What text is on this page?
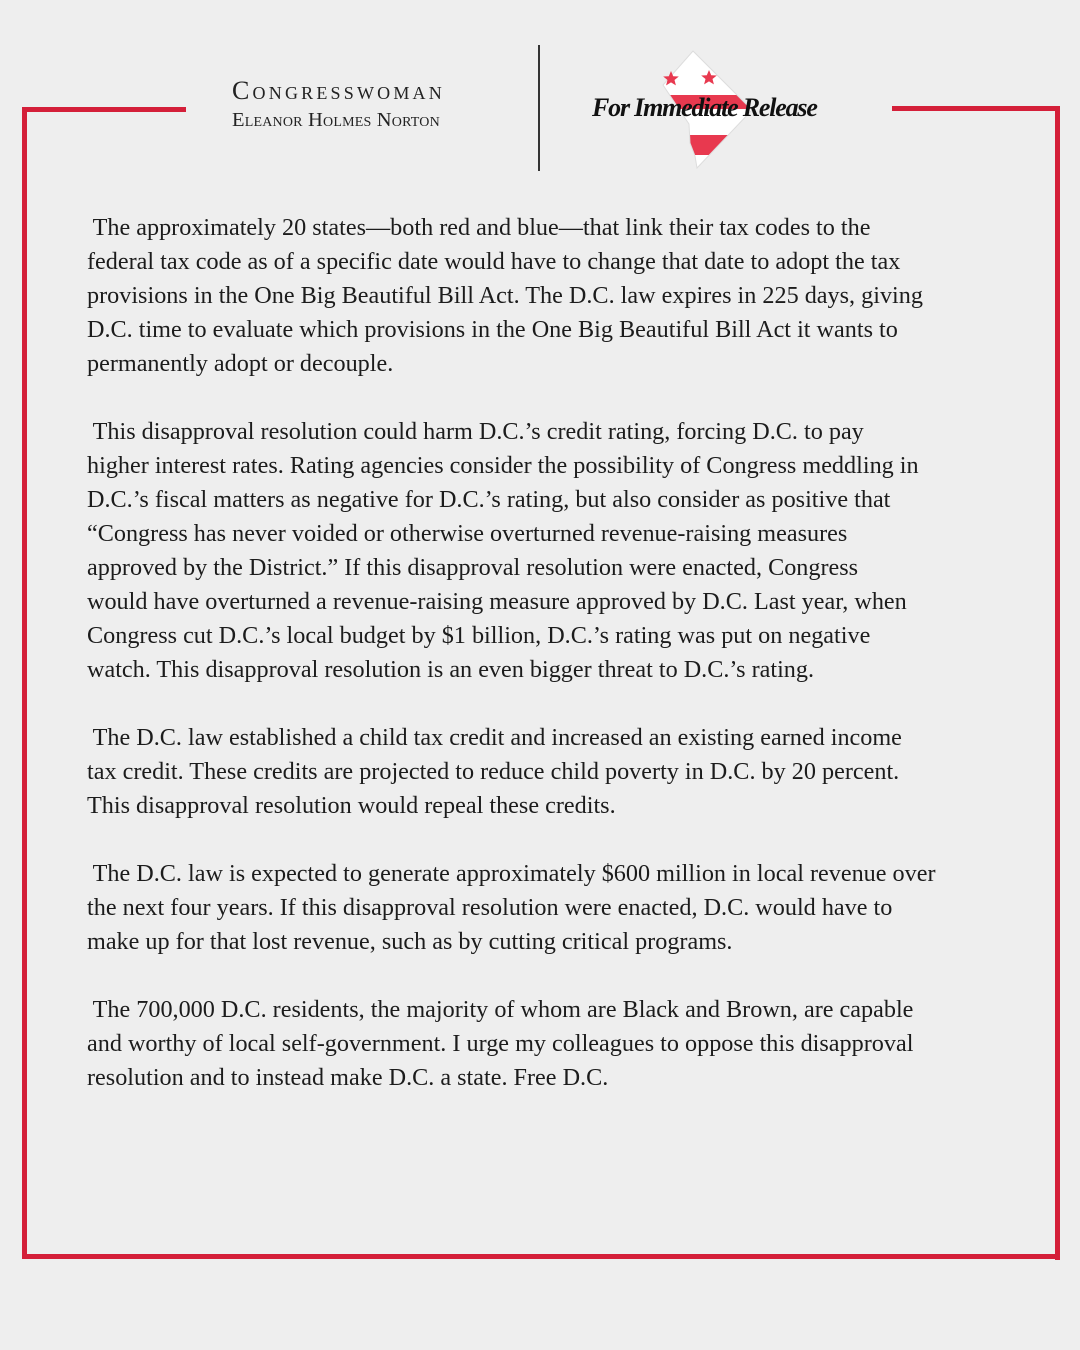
Congresswoman
Eleanor Holmes Norton	For Immediate Release
The approximately 20 states—both red and blue—that link their tax codes to the
federal tax code as of a specific date would have to change that date to adopt the tax
provisions in the One Big Beautiful Bill Act. The D.C. law expires in 225 days, giving
D.C. time to evaluate which provisions in the One Big Beautiful Bill Act it wants to
permanently adopt or decouple.
This disapproval resolution could harm D.C.’s credit rating, forcing D.C. to pay
higher interest rates. Rating agencies consider the possibility of Congress meddling in
D.C.’s fiscal matters as negative for D.C.’s rating, but also consider as positive that
“Congress has never voided or otherwise overturned revenue-raising measures
approved by the District.” If this disapproval resolution were enacted, Congress
would have overturned a revenue-raising measure approved by D.C. Last year, when
Congress cut D.C.’s local budget by $1 billion, D.C.’s rating was put on negative
watch. This disapproval resolution is an even bigger threat to D.C.’s rating.
The D.C. law established a child tax credit and increased an existing earned income
tax credit. These credits are projected to reduce child poverty in D.C. by 20 percent.
This disapproval resolution would repeal these credits.
The D.C. law is expected to generate approximately $600 million in local revenue over
the next four years. If this disapproval resolution were enacted, D.C. would have to
make up for that lost revenue, such as by cutting critical programs.
The 700,000 D.C. residents, the majority of whom are Black and Brown, are capable
and worthy of local self-government. I urge my colleagues to oppose this disapproval
resolution and to instead make D.C. a state. Free D.C.
